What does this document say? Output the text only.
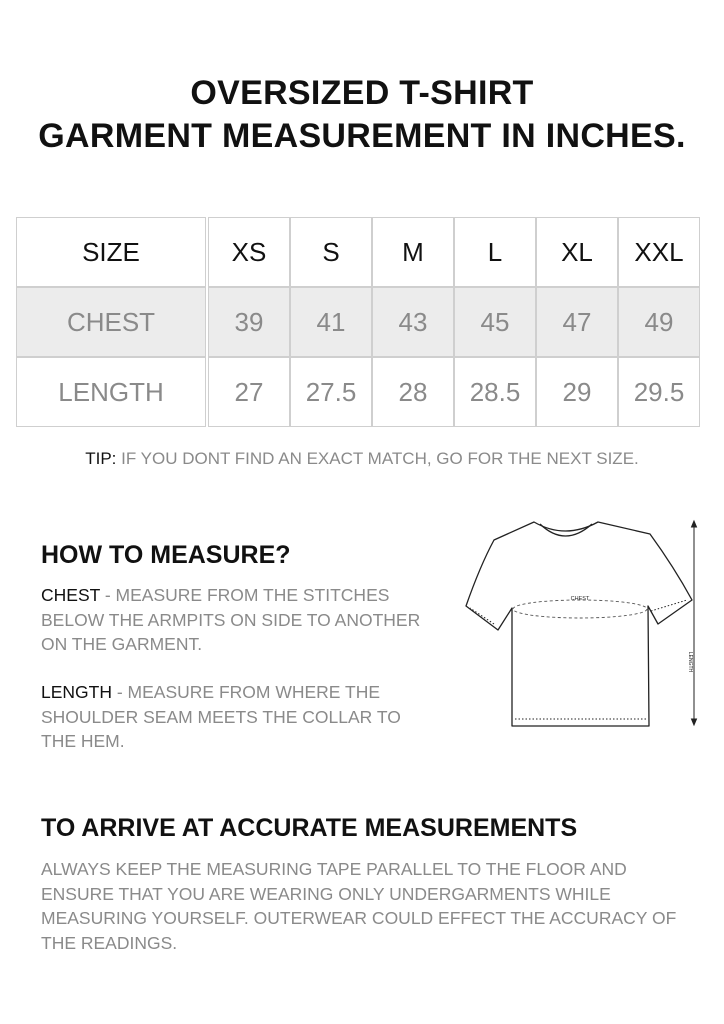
OVERSIZED T-SHIRT
GARMENT MEASUREMENT IN INCHES.
SIZE		XS	S	M	L	XL	XXL
CHEST		39	41	43	45	47	49
LENGTH		27	27.5	28	28.5	29	29.5
TIP: IF YOU DONT FIND AN EXACT MATCH, GO FOR THE NEXT SIZE.
HOW TO MEASURE?
CHEST - MEASURE FROM THE STITCHES BELOW THE ARMPITS ON SIDE TO ANOTHER ON THE GARMENT.
LENGTH - MEASURE FROM WHERE THE SHOULDER SEAM MEETS THE COLLAR TO THE HEM.
CHEST
LENGTH
TO ARRIVE AT ACCURATE MEASUREMENTS
ALWAYS KEEP THE MEASURING TAPE PARALLEL TO THE FLOOR AND ENSURE THAT YOU ARE WEARING ONLY UNDERGARMENTS WHILE MEASURING YOURSELF. OUTERWEAR COULD EFFECT THE ACCURACY OF THE READINGS.
